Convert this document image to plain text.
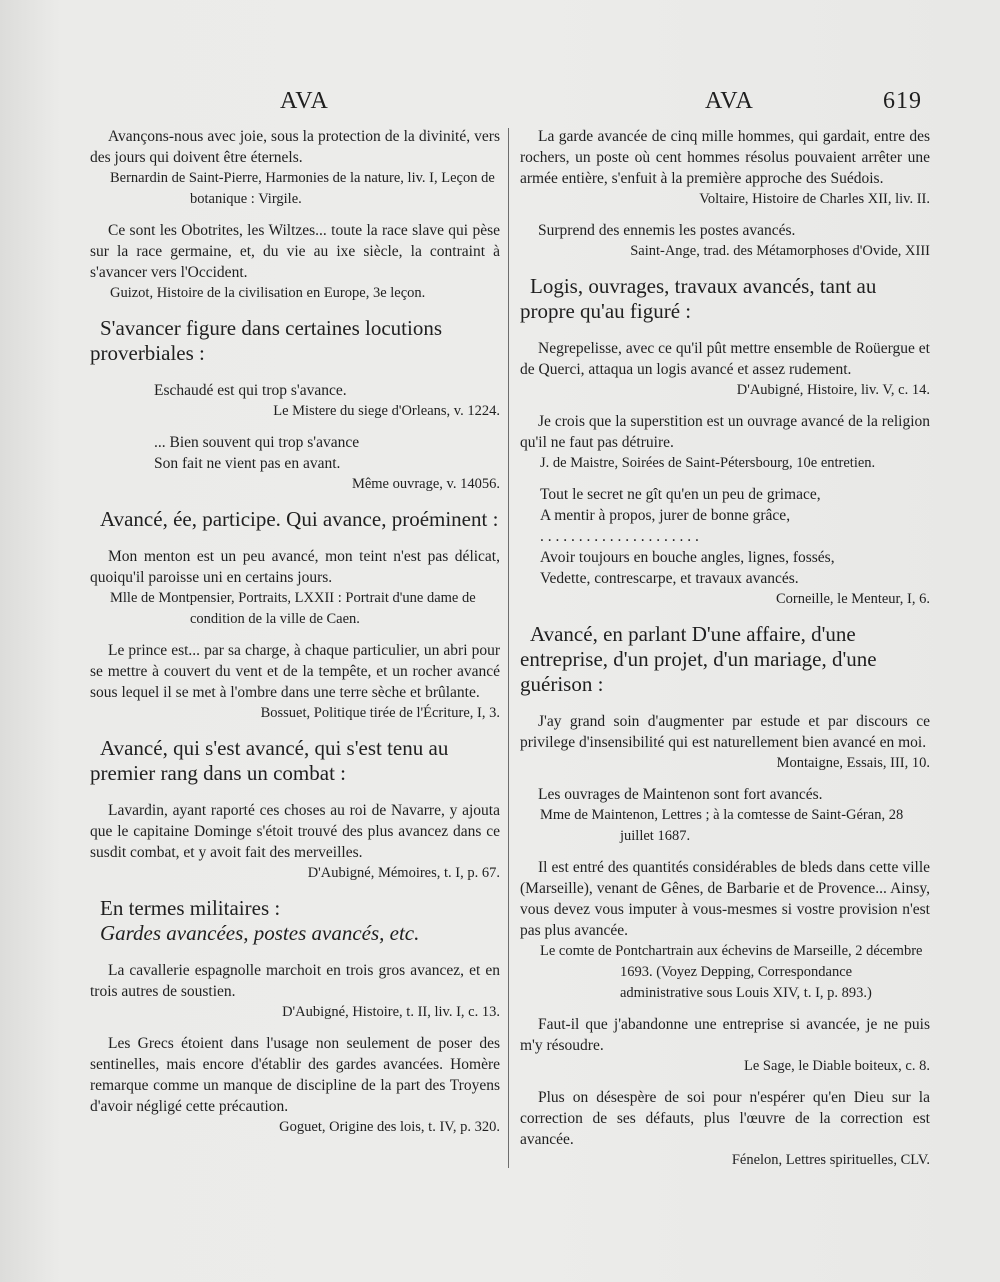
AVA	AVA	619

Avançons-nous avec joie, sous la protection de la divinité, vers des jours qui doivent être éternels.

Bernardin de Saint-Pierre, Harmonies de la nature, liv. I, Leçon de botanique : Virgile.

Ce sont les Obotrites, les Wiltzes... toute la race slave qui pèse sur la race germaine, et, du vie au ixe siècle, la contraint à s'avancer vers l'Occident.

Guizot, Histoire de la civilisation en Europe, 3e leçon.

S'avancer figure dans certaines locutions proverbiales :

Eschaudé est qui trop s'avance.

Le Mistere du siege d'Orleans, v. 1224.

... Bien souvent qui trop s'avance

Son fait ne vient pas en avant.

Même ouvrage, v. 14056.

Avancé, ée, participe. Qui avance, proéminent :

Mon menton est un peu avancé, mon teint n'est pas délicat, quoiqu'il paroisse uni en certains jours.

Mlle de Montpensier, Portraits, LXXII : Portrait d'une dame de condition de la ville de Caen.

Le prince est... par sa charge, à chaque particulier, un abri pour se mettre à couvert du vent et de la tempête, et un rocher avancé sous lequel il se met à l'ombre dans une terre sèche et brûlante.

Bossuet, Politique tirée de l'Écriture, I, 3.

Avancé, qui s'est avancé, qui s'est tenu au premier rang dans un combat :

Lavardin, ayant raporté ces choses au roi de Navarre, y ajouta que le capitaine Dominge s'étoit trouvé des plus avancez dans ce susdit combat, et y avoit fait des merveilles.

D'Aubigné, Mémoires, t. I, p. 67.

En termes militaires :

Gardes avancées, postes avancés, etc.

La cavallerie espagnolle marchoit en trois gros avancez, et en trois autres de soustien.

D'Aubigné, Histoire, t. II, liv. I, c. 13.

Les Grecs étoient dans l'usage non seulement de poser des sentinelles, mais encore d'établir des gardes avancées. Homère remarque comme un manque de discipline de la part des Troyens d'avoir négligé cette précaution.

Goguet, Origine des lois, t. IV, p. 320.

La garde avancée de cinq mille hommes, qui gardait, entre des rochers, un poste où cent hommes résolus pouvaient arrêter une armée entière, s'enfuit à la première approche des Suédois.

Voltaire, Histoire de Charles XII, liv. II.

Surprend des ennemis les postes avancés.

Saint-Ange, trad. des Métamorphoses d'Ovide, XIII

Logis, ouvrages, travaux avancés, tant au propre qu'au figuré :

Negrepelisse, avec ce qu'il pût mettre ensemble de Roüergue et de Querci, attaqua un logis avancé et assez rudement.

D'Aubigné, Histoire, liv. V, c. 14.

Je crois que la superstition est un ouvrage avancé de la religion qu'il ne faut pas détruire.

J. de Maistre, Soirées de Saint-Pétersbourg, 10e entretien.

Tout le secret ne gît qu'en un peu de grimace,

A mentir à propos, jurer de bonne grâce,

. . . . . . . . . . . . . . . . . . . . .

Avoir toujours en bouche angles, lignes, fossés,

Vedette, contrescarpe, et travaux avancés.

Corneille, le Menteur, I, 6.

Avancé, en parlant D'une affaire, d'une entreprise, d'un projet, d'un mariage, d'une guérison :

J'ay grand soin d'augmenter par estude et par discours ce privilege d'insensibilité qui est naturellement bien avancé en moi.

Montaigne, Essais, III, 10.

Les ouvrages de Maintenon sont fort avancés.

Mme de Maintenon, Lettres ; à la comtesse de Saint-Géran, 28 juillet 1687.

Il est entré des quantités considérables de bleds dans cette ville (Marseille), venant de Gênes, de Barbarie et de Provence... Ainsy, vous devez vous imputer à vous-mesmes si vostre provision n'est pas plus avancée.

Le comte de Pontchartrain aux échevins de Marseille, 2 décembre 1693. (Voyez Depping, Correspondance administrative sous Louis XIV, t. I, p. 893.)

Faut-il que j'abandonne une entreprise si avancée, je ne puis m'y résoudre.

Le Sage, le Diable boiteux, c. 8.

Plus on désespère de soi pour n'espérer qu'en Dieu sur la correction de ses défauts, plus l'œuvre de la correction est avancée.

Fénelon, Lettres spirituelles, CLV.
